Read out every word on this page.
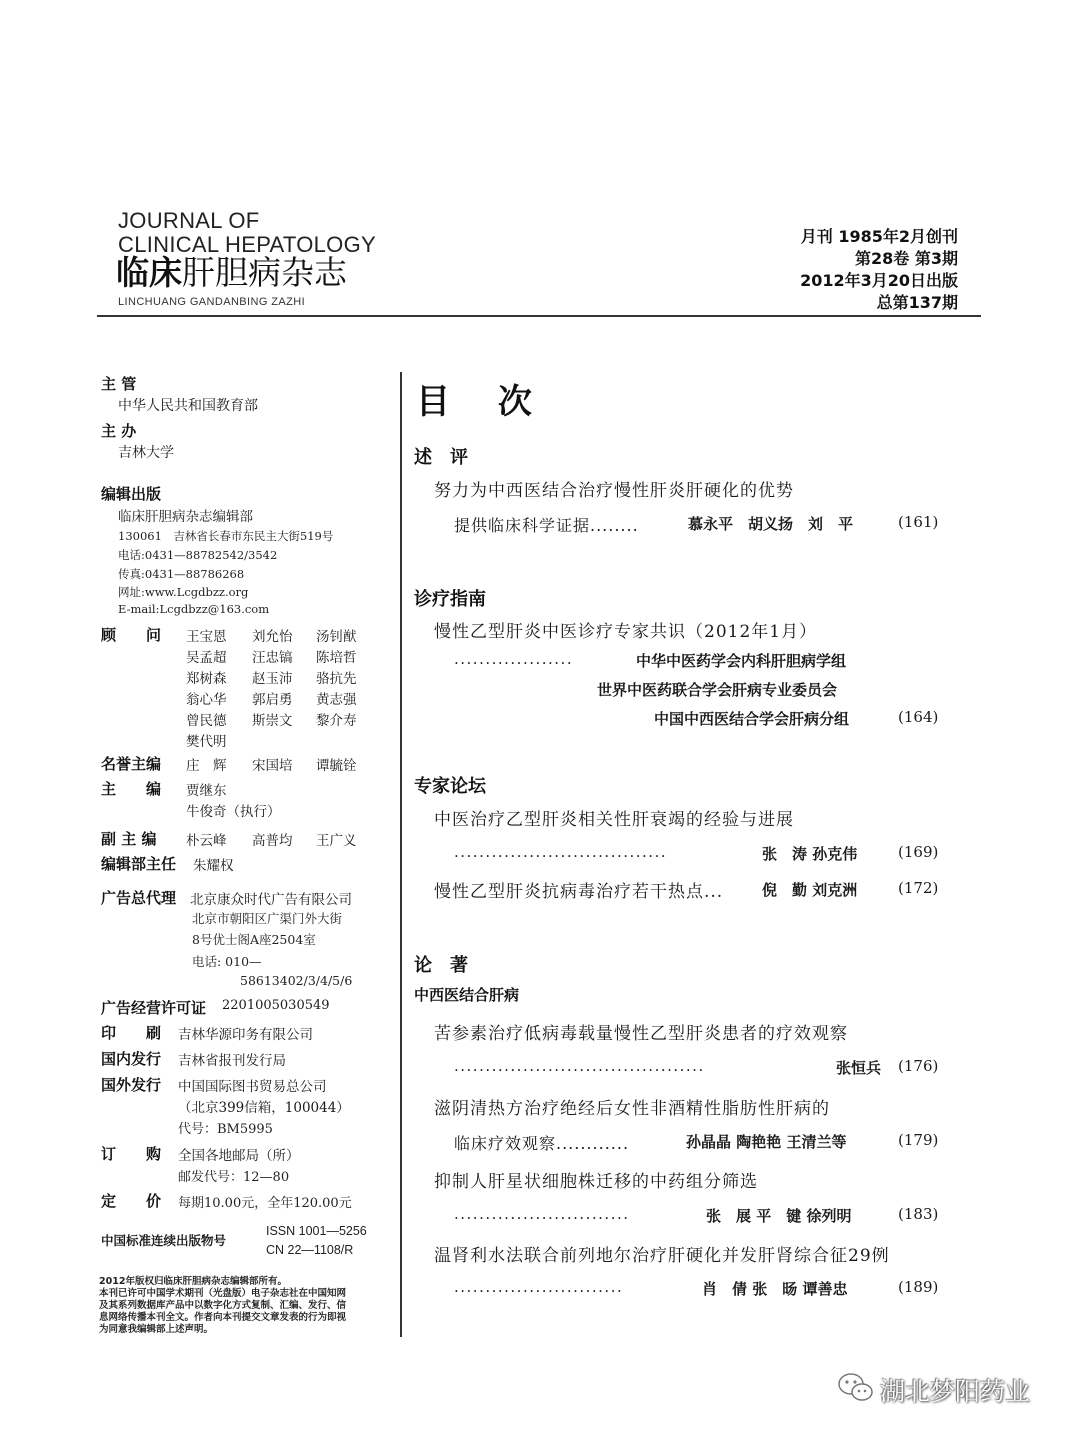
JOURNAL OF
CLINICAL HEPATOLOGY
临床肝胆病杂志
LINCHUANG GANDANBING ZAZHI
月刊 1985年2月创刊
第28卷 第3期
2012年3月20日出版
总第137期
主 管
中华人民共和国教育部
主 办
吉林大学
编辑出版
临床肝胆病杂志编辑部
130061　吉林省长春市东民主大街519号
电话:0431—88782542/3542
传真:0431—88786268
网址:www.Lcgdbzz.org
E-mail:Lcgdbzz@163.com
顾　　问 王宝恩 刘允怡 汤钊猷
吴孟超 汪忠镐 陈培哲
郑树森 赵玉沛 骆抗先
翁心华 郭启勇 黄志强
曾民德 斯崇文 黎介寿
樊代明
名誉主编 庄　辉 宋国培 谭毓铨
主　　编 贾继东
牛俊奇（执行）
副 主 编 朴云峰 高普均 王广义
编辑部主任 朱耀权
广告总代理 北京康众时代广告有限公司
北京市朝阳区广渠门外大街
8号优士阁A座2504室
电话: 010—
58613402/3/4/5/6
广告经营许可证 2201005030549
印　　刷 吉林华源印务有限公司
国内发行 吉林省报刊发行局
国外发行 中国国际图书贸易总公司
（北京399信箱，100044）
代号：BM5995
订　　购 全国各地邮局（所）
邮发代号：12—80
定　　价 每期10.00元，全年120.00元
中国标准连续出版物号
ISSN 1001—5256
CN 22—1108/R
2012年版权归临床肝胆病杂志编辑部所有。
本刊已许可中国学术期刊（光盘版）电子杂志社在中国知网
及其系列数据库产品中以数字化方式复制、汇编、发行、信
息网络传播本刊全文。作者向本刊提交文章发表的行为即视
为同意我编辑部上述声明。
目 次
述　评
努力为中西医结合治疗慢性肝炎肝硬化的优势
提供临床科学证据........	慕永平　胡义扬　刘　平	(161)
诊疗指南
慢性乙型肝炎中医诊疗专家共识（2012年1月）
...................	中华中医药学会内科肝胆病学组
世界中医药联合学会肝病专业委员会
中国中西医结合学会肝病分组	(164)
专家论坛
中医治疗乙型肝炎相关性肝衰竭的经验与进展
..................................	张　涛 孙克伟	(169)
慢性乙型肝炎抗病毒治疗若干热点...	倪　勤 刘克洲	(172)
论　著
中西医结合肝病
苦参素治疗低病毒载量慢性乙型肝炎患者的疗效观察
........................................	张恒兵 (176)
滋阴清热方治疗绝经后女性非酒精性脂肪性肝病的
临床疗效观察............	孙晶晶 陶艳艳 王清兰等	(179)
抑制人肝星状细胞株迁移的中药组分筛选
............................	张　展 平　键 徐列明	(183)
温肾利水法联合前列地尔治疗肝硬化并发肝肾综合征29例
...........................	肖　倩 张　旸 谭善忠	(189)
湖北梦阳药业
